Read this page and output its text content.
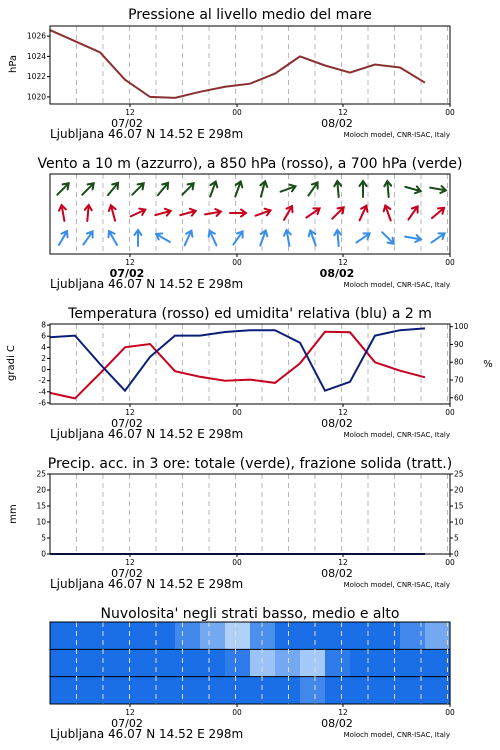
Pressione al livello medio del mare
hPa
1020
1022
1024
1026
12	00	12	00
07/02	08/02
Ljubljana 46.07 N 14.52 E 298m	Moloch model, CNR-ISAC, Italy
Vento a 10 m (azzurro), a 850 hPa (rosso), a 700 hPa (verde)
12	00	12	00
07/02	08/02
Ljubljana 46.07 N 14.52 E 298m	Moloch model, CNR-ISAC, Italy
Temperatura (rosso) ed umidita' relativa (blu) a 2 m
gradi C	%
-6
-4
-2
0
2
4
6
8
60
70
80
90
100
12	00	12	00
07/02	08/02
Ljubljana 46.07 N 14.52 E 298m	Moloch model, CNR-ISAC, Italy
Precip. acc. in 3 ore: totale (verde), frazione solida (tratt.)
mm
0
5
10
15
20
25
0
5
10
15
20
25
12	00	12	00
07/02	08/02
Ljubljana 46.07 N 14.52 E 298m	Moloch model, CNR-ISAC, Italy
Nuvolosita' negli strati basso, medio e alto
12	00	12	00
07/02	08/02
Ljubljana 46.07 N 14.52 E 298m	Moloch model, CNR-ISAC, Italy
